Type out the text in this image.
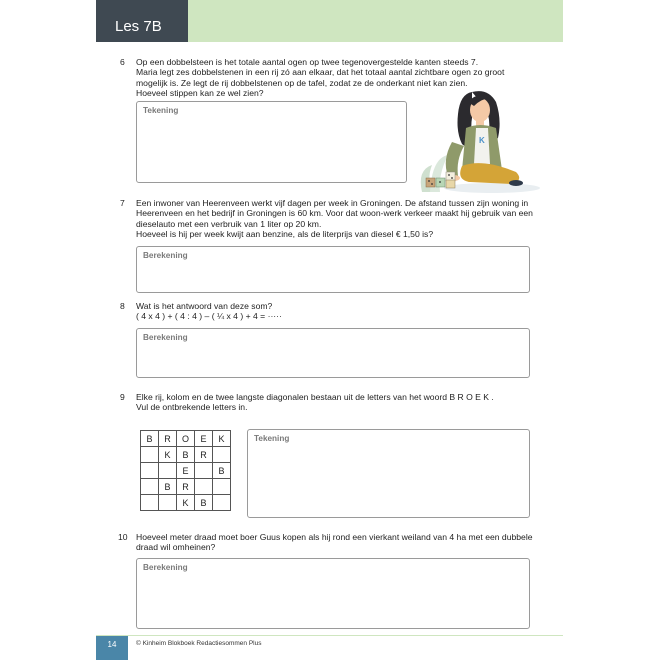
Les 7B
6 Op een dobbelsteen is het totale aantal ogen op twee tegenovergestelde kanten steeds 7.
Maria legt zes dobbelstenen in een rij zó aan elkaar, dat het totaal aantal zichtbare ogen zo groot
mogelijk is. Ze legt de rij dobbelstenen op de tafel, zodat ze de onderkant niet kan zien.
Hoeveel stippen kan ze wel zien?
Tekening
K
7 Een inwoner van Heerenveen werkt vijf dagen per week in Groningen. De afstand tussen zijn woning in
Heerenveen en het bedrijf in Groningen is 60 km. Voor dat woon-werk verkeer maakt hij gebruik van een
dieselauto met een verbruik van 1 liter op 20 km.
Hoeveel is hij per week kwijt aan benzine, als de literprijs van diesel € 1,50 is?
Berekening
8 Wat is het antwoord van deze som?
( 4 x 4 ) + ( 4 : 4 ) – ( ¼ x 4 ) + 4 = ·····
Berekening
9 Elke rij, kolom en de twee langste diagonalen bestaan uit de letters van het woord B R O E K .
Vul de ontbrekende letters in.
B	R	O	E	K
	K	B	R	
		E		B
	B	R		
		K	B	
Tekening
10 Hoeveel meter draad moet boer Guus kopen als hij rond een vierkant weiland van 4 ha met een dubbele
draad wil omheinen?
Berekening
14	© Kinheim Blokboek Redactiesommen Plus
